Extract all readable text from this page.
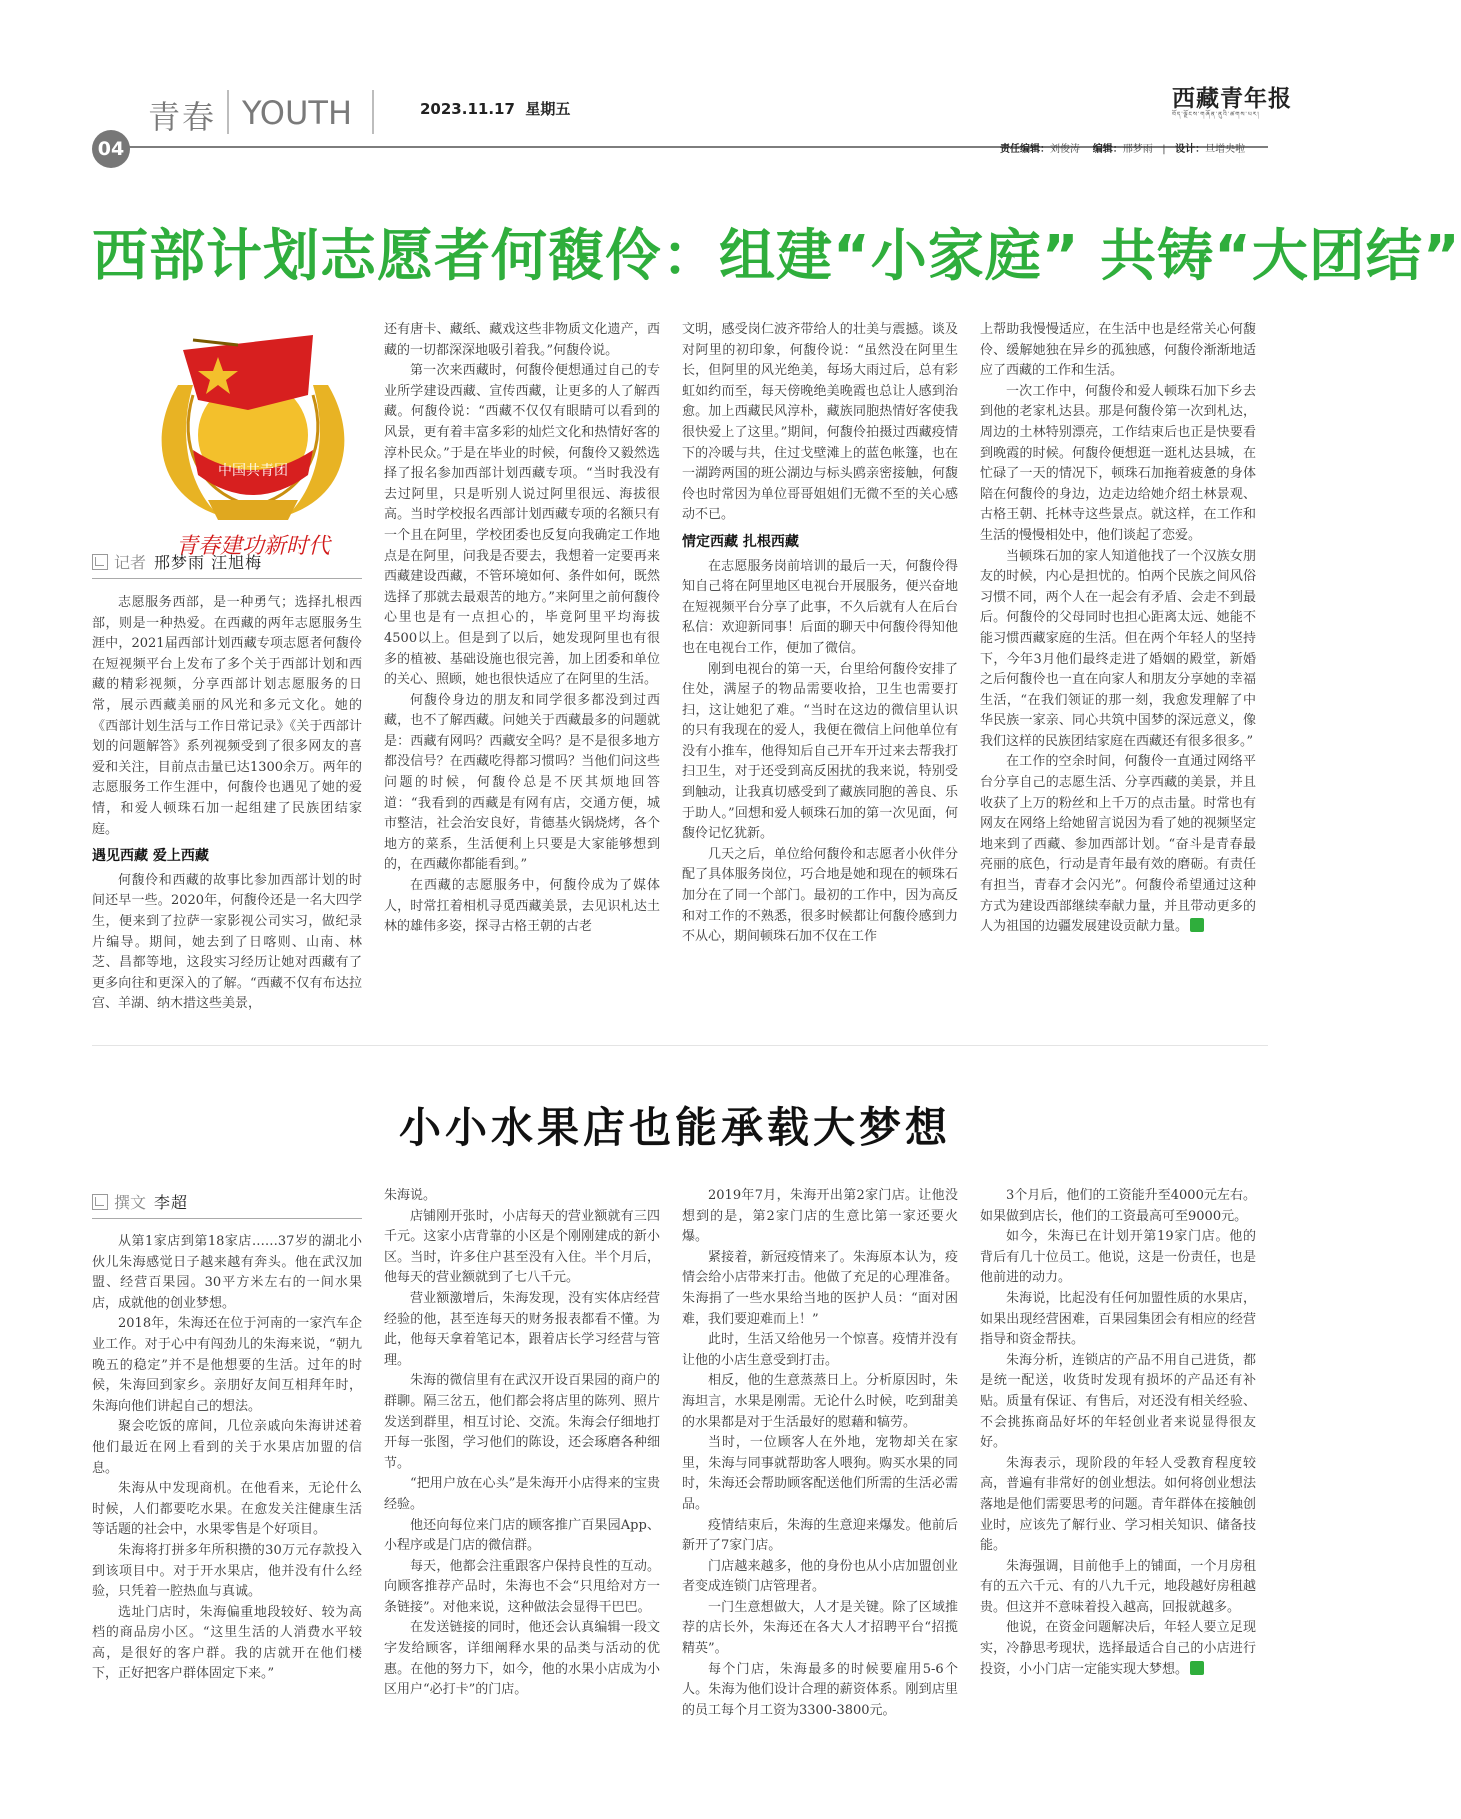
青春 YOUTH	2023.11.17 星期五	西藏青年报
བོད་ལྗོངས་གཞོན་ནུའི་ཚགས་པར།
04	责任编辑：刘俊涛 编辑：邢梦雨   |   设计：旦增央啦
西部计划志愿者何馥伶：组建“小家庭” 共铸“大团结”
中国共青团
青春建功新时代
记者 邢梦雨 汪旭梅

志愿服务西部，是一种勇气；选择扎根西部，则是一种热爱。在西藏的两年志愿服务生涯中，2021届西部计划西藏专项志愿者何馥伶在短视频平台上发布了多个关于西部计划和西藏的精彩视频，分享西部计划志愿服务的日常，展示西藏美丽的风光和多元文化。她的《西部计划生活与工作日常记录》《关于西部计划的问题解答》系列视频受到了很多网友的喜爱和关注，目前点击量已达1300余万。两年的志愿服务工作生涯中，何馥伶也遇见了她的爱情，和爱人顿珠石加一起组建了民族团结家庭。

遇见西藏 爱上西藏

何馥伶和西藏的故事比参加西部计划的时间还早一些。2020年，何馥伶还是一名大四学生，便来到了拉萨一家影视公司实习，做纪录片编导。期间，她去到了日喀则、山南、林芝、昌都等地，这段实习经历让她对西藏有了更多向往和更深入的了解。“西藏不仅有布达拉宫、羊湖、纳木措这些美景，

还有唐卡、藏纸、藏戏这些非物质文化遗产，西藏的一切都深深地吸引着我。”何馥伶说。

第一次来西藏时，何馥伶便想通过自己的专业所学建设西藏、宣传西藏，让更多的人了解西藏。何馥伶说：“西藏不仅仅有眼睛可以看到的风景，更有着丰富多彩的灿烂文化和热情好客的淳朴民众。”于是在毕业的时候，何馥伶又毅然选择了报名参加西部计划西藏专项。“当时我没有去过阿里，只是听别人说过阿里很远、海拔很高。当时学校报名西部计划西藏专项的名额只有一个且在阿里，学校团委也反复向我确定工作地点是在阿里，问我是否要去，我想着一定要再来西藏建设西藏，不管环境如何、条件如何，既然选择了那就去最艰苦的地方。”来阿里之前何馥伶心里也是有一点担心的，毕竟阿里平均海拔4500以上。但是到了以后，她发现阿里也有很多的植被、基础设施也很完善，加上团委和单位的关心、照顾，她也很快适应了在阿里的生活。

何馥伶身边的朋友和同学很多都没到过西藏，也不了解西藏。问她关于西藏最多的问题就是：西藏有网吗？西藏安全吗？是不是很多地方都没信号？在西藏吃得都习惯吗？当他们问这些问题的时候，何馥伶总是不厌其烦地回答道：“我看到的西藏是有网有店，交通方便，城市整洁，社会治安良好，肯德基火锅烧烤，各个地方的菜系，生活便利上只要是大家能够想到的，在西藏你都能看到。”

在西藏的志愿服务中，何馥伶成为了媒体人，时常扛着相机寻觅西藏美景，去见识札达土林的雄伟多姿，探寻古格王朝的古老

文明，感受岗仁波齐带给人的壮美与震撼。谈及对阿里的初印象，何馥伶说：“虽然没在阿里生长，但阿里的风光绝美，每场大雨过后，总有彩虹如约而至，每天傍晚绝美晚霞也总让人感到治愈。加上西藏民风淳朴，藏族同胞热情好客使我很快爱上了这里。”期间，何馥伶拍摄过西藏疫情下的冷暖与共，住过戈壁滩上的蓝色帐篷，也在一湖跨两国的班公湖边与标头鸥亲密接触，何馥伶也时常因为单位哥哥姐姐们无微不至的关心感动不已。

情定西藏 扎根西藏

在志愿服务岗前培训的最后一天，何馥伶得知自己将在阿里地区电视台开展服务，便兴奋地在短视频平台分享了此事，不久后就有人在后台私信：欢迎新同事！后面的聊天中何馥伶得知他也在电视台工作，便加了微信。

刚到电视台的第一天，台里给何馥伶安排了住处，满屋子的物品需要收拾，卫生也需要打扫，这让她犯了难。“当时在这边的微信里认识的只有我现在的爱人，我便在微信上问他单位有没有小推车，他得知后自己开车开过来去帮我打扫卫生，对于还受到高反困扰的我来说，特别受到触动，让我真切感受到了藏族同胞的善良、乐于助人。”回想和爱人顿珠石加的第一次见面，何馥伶记忆犹新。

几天之后，单位给何馥伶和志愿者小伙伴分配了具体服务岗位，巧合地是她和现在的顿珠石加分在了同一个部门。最初的工作中，因为高反和对工作的不熟悉，很多时候都让何馥伶感到力不从心，期间顿珠石加不仅在工作

上帮助我慢慢适应，在生活中也是经常关心何馥伶、缓解她独在异乡的孤独感，何馥伶渐渐地适应了西藏的工作和生活。

一次工作中，何馥伶和爱人顿珠石加下乡去到他的老家札达县。那是何馥伶第一次到札达，周边的土林特别漂亮，工作结束后也正是快要看到晚霞的时候。何馥伶便想逛一逛札达县城，在忙碌了一天的情况下，顿珠石加拖着疲惫的身体陪在何馥伶的身边，边走边给她介绍土林景观、古格王朝、托林寺这些景点。就这样，在工作和生活的慢慢相处中，他们谈起了恋爱。

当顿珠石加的家人知道他找了一个汉族女朋友的时候，内心是担忧的。怕两个民族之间风俗习惯不同，两个人在一起会有矛盾、会走不到最后。何馥伶的父母同时也担心距离太远、她能不能习惯西藏家庭的生活。但在两个年轻人的坚持下，今年3月他们最终走进了婚姻的殿堂，新婚之后何馥伶也一直在向家人和朋友分享她的幸福生活，“在我们领证的那一刻，我愈发理解了中华民族一家亲、同心共筑中国梦的深远意义，像我们这样的民族团结家庭在西藏还有很多很多。”

在工作的空余时间，何馥伶一直通过网络平台分享自己的志愿生活、分享西藏的美景，并且收获了上万的粉丝和上千万的点击量。时常也有网友在网络上给她留言说因为看了她的视频坚定地来到了西藏、参加西部计划。“奋斗是青春最亮丽的底色，行动是青年最有效的磨砺。有责任有担当，青春才会闪光”。何馥伶希望通过这种方式为建设西部继续奉献力量，并且带动更多的人为祖国的边疆发展建设贡献力量。

小小水果店也能承载大梦想
撰文 李超

从第1家店到第18家店……37岁的湖北小伙儿朱海感觉日子越来越有奔头。他在武汉加盟、经营百果园。30平方米左右的一间水果店，成就他的创业梦想。

2018年，朱海还在位于河南的一家汽车企业工作。对于心中有闯劲儿的朱海来说，“朝九晚五的稳定”并不是他想要的生活。过年的时候，朱海回到家乡。亲朋好友间互相拜年时，朱海向他们讲起自己的想法。

聚会吃饭的席间，几位亲戚向朱海讲述着他们最近在网上看到的关于水果店加盟的信息。

朱海从中发现商机。在他看来，无论什么时候，人们都要吃水果。在愈发关注健康生活等话题的社会中，水果零售是个好项目。

朱海将打拼多年所积攒的30万元存款投入到该项目中。对于开水果店，他并没有什么经验，只凭着一腔热血与真诚。

选址门店时，朱海偏重地段较好、较为高档的商品房小区。“这里生活的人消费水平较高，是很好的客户群。我的店就开在他们楼下，正好把客户群体固定下来。”

朱海说。

店铺刚开张时，小店每天的营业额就有三四千元。这家小店背靠的小区是个刚刚建成的新小区。当时，许多住户甚至没有入住。半个月后，他每天的营业额就到了七八千元。

营业额激增后，朱海发现，没有实体店经营经验的他，甚至连每天的财务报表都看不懂。为此，他每天拿着笔记本，跟着店长学习经营与管理。

朱海的微信里有在武汉开设百果园的商户的群聊。隔三岔五，他们都会将店里的陈列、照片发送到群里，相互讨论、交流。朱海会仔细地打开每一张图，学习他们的陈设，还会琢磨各种细节。

“把用户放在心头”是朱海开小店得来的宝贵经验。

他还向每位来门店的顾客推广百果园App、小程序或是门店的微信群。

每天，他都会注重跟客户保持良性的互动。向顾客推荐产品时，朱海也不会“只甩给对方一条链接”。对他来说，这种做法会显得干巴巴。

在发送链接的同时，他还会认真编辑一段文字发给顾客，详细阐释水果的品类与活动的优惠。在他的努力下，如今，他的水果小店成为小区用户“必打卡”的门店。

2019年7月，朱海开出第2家门店。让他没想到的是，第2家门店的生意比第一家还要火爆。

紧接着，新冠疫情来了。朱海原本认为，疫情会给小店带来打击。他做了充足的心理准备。朱海捐了一些水果给当地的医护人员：“面对困难，我们要迎难而上！”

此时，生活又给他另一个惊喜。疫情并没有让他的小店生意受到打击。

相反，他的生意蒸蒸日上。分析原因时，朱海坦言，水果是刚需。无论什么时候，吃到甜美的水果都是对于生活最好的慰藉和犒劳。

当时，一位顾客人在外地，宠物却关在家里，朱海与同事就帮助客人喂狗。购买水果的同时，朱海还会帮助顾客配送他们所需的生活必需品。

疫情结束后，朱海的生意迎来爆发。他前后新开了7家门店。

门店越来越多，他的身份也从小店加盟创业者变成连锁门店管理者。

一门生意想做大，人才是关键。除了区域推荐的店长外，朱海还在各大人才招聘平台“招揽精英”。

每个门店，朱海最多的时候要雇用5-6个人。朱海为他们设计合理的薪资体系。刚到店里的员工每个月工资为3300-3800元。

3个月后，他们的工资能升至4000元左右。如果做到店长，他们的工资最高可至9000元。

如今，朱海已在计划开第19家门店。他的背后有几十位员工。他说，这是一份责任，也是他前进的动力。

朱海说，比起没有任何加盟性质的水果店，如果出现经营困难，百果园集团会有相应的经营指导和资金帮扶。

朱海分析，连锁店的产品不用自己进货，都是统一配送，收货时发现有损坏的产品还有补贴。质量有保证、有售后，对还没有相关经验、不会挑拣商品好坏的年轻创业者来说显得很友好。

朱海表示，现阶段的年轻人受教育程度较高，普遍有非常好的创业想法。如何将创业想法落地是他们需要思考的问题。青年群体在接触创业时，应该先了解行业、学习相关知识、储备技能。

朱海强调，目前他手上的铺面，一个月房租有的五六千元、有的八九千元，地段越好房租越贵。但这并不意味着投入越高，回报就越多。

他说，在资金问题解决后，年轻人要立足现实，冷静思考现状，选择最适合自己的小店进行投资，小小门店一定能实现大梦想。
